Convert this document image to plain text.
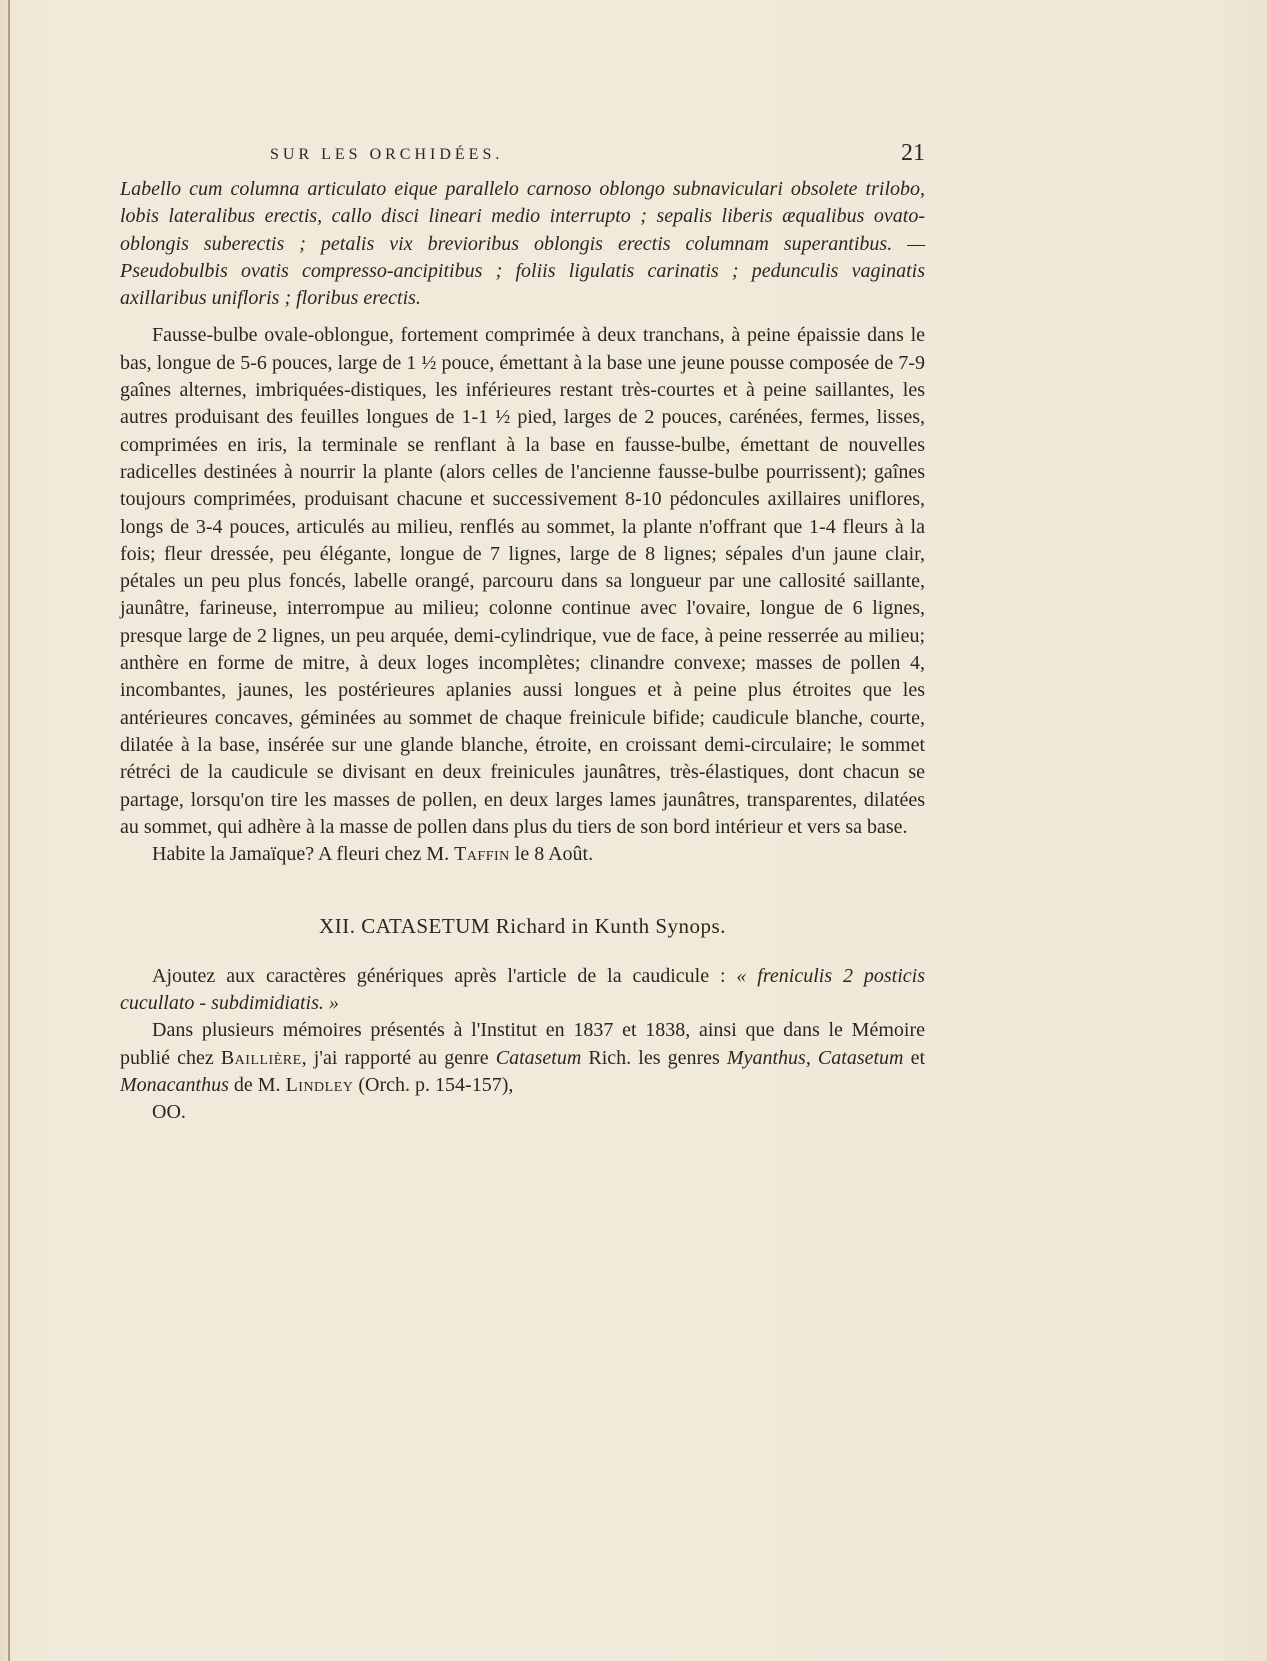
SUR LES ORCHIDÉES.	21

Labello cum columna articulato eique parallelo carnoso oblongo subnaviculari obsolete trilobo, lobis lateralibus erectis, callo disci lineari medio interrupto ; sepalis liberis æqualibus ovato-oblongis suberectis ; petalis vix brevioribus oblongis erectis columnam superantibus. — Pseudobulbis ovatis compresso-ancipitibus ; foliis ligulatis carinatis ; pedunculis vaginatis axillaribus unifloris ; floribus erectis.

Fausse-bulbe ovale-oblongue, fortement comprimée à deux tranchans, à peine épaissie dans le bas, longue de 5-6 pouces, large de 1 ½ pouce, émettant à la base une jeune pousse composée de 7-9 gaînes alternes, imbriquées-distiques, les inférieures restant très-courtes et à peine saillantes, les autres produisant des feuilles longues de 1-1 ½ pied, larges de 2 pouces, carénées, fermes, lisses, comprimées en iris, la terminale se renflant à la base en fausse-bulbe, émettant de nouvelles radicelles destinées à nourrir la plante (alors celles de l'ancienne fausse-bulbe pourrissent); gaînes toujours comprimées, produisant chacune et successivement 8-10 pédoncules axillaires uniflores, longs de 3-4 pouces, articulés au milieu, renflés au sommet, la plante n'offrant que 1-4 fleurs à la fois; fleur dressée, peu élégante, longue de 7 lignes, large de 8 lignes; sépales d'un jaune clair, pétales un peu plus foncés, labelle orangé, parcouru dans sa longueur par une callosité saillante, jaunâtre, farineuse, interrompue au milieu; colonne continue avec l'ovaire, longue de 6 lignes, presque large de 2 lignes, un peu arquée, demi-cylindrique, vue de face, à peine resserrée au milieu; anthère en forme de mitre, à deux loges incomplètes; clinandre convexe; masses de pollen 4, incombantes, jaunes, les postérieures aplanies aussi longues et à peine plus étroites que les antérieures concaves, géminées au sommet de chaque freinicule bifide; caudicule blanche, courte, dilatée à la base, insérée sur une glande blanche, étroite, en croissant demi-circulaire; le sommet rétréci de la caudicule se divisant en deux freinicules jaunâtres, très-élastiques, dont chacun se partage, lorsqu'on tire les masses de pollen, en deux larges lames jaunâtres, transparentes, dilatées au sommet, qui adhère à la masse de pollen dans plus du tiers de son bord intérieur et vers sa base.

Habite la Jamaïque? A fleuri chez M. Taffin le 8 Août.

XII. CATASETUM Richard in Kunth Synops.

Ajoutez aux caractères génériques après l'article de la caudicule : « freniculis 2 posticis cucullato - subdimidiatis. »

Dans plusieurs mémoires présentés à l'Institut en 1837 et 1838, ainsi que dans le Mémoire publié chez Baillière, j'ai rapporté au genre Catasetum Rich. les genres Myanthus, Catasetum et Monacanthus de M. Lindley (Orch. p. 154-157),

OO.
